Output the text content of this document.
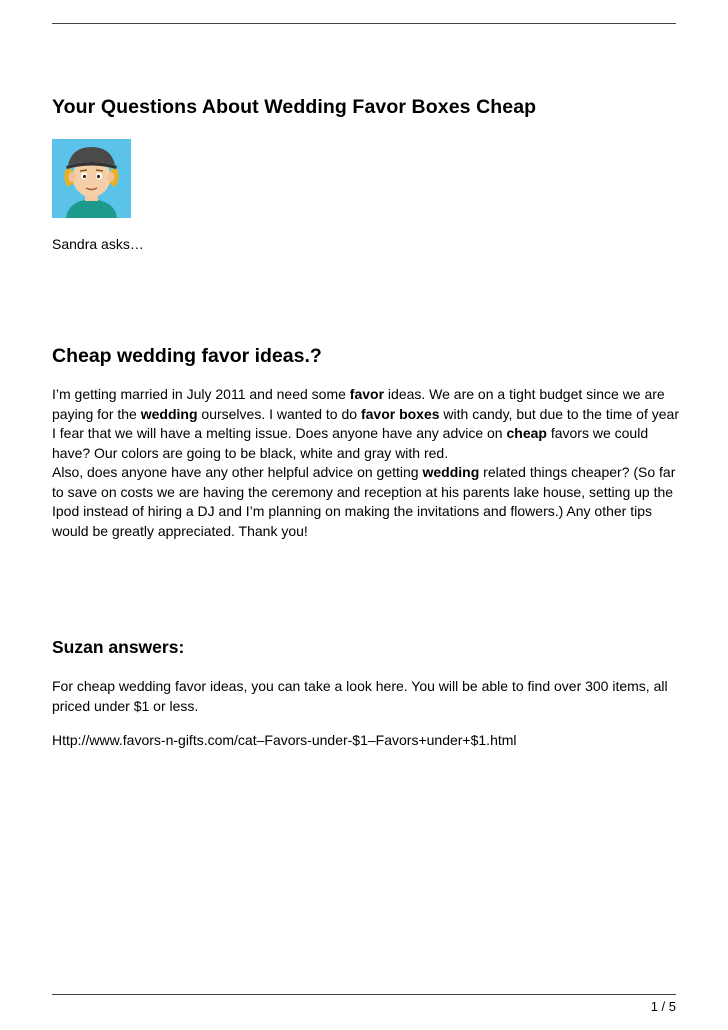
Your Questions About Wedding Favor Boxes Cheap
Sandra asks…
Cheap wedding favor ideas.?
I’m getting married in July 2011 and need some favor ideas. We are on a tight budget since we are paying for the wedding ourselves. I wanted to do favor boxes with candy, but due to the time of year I fear that we will have a melting issue. Does anyone have any advice on cheap favors we could have? Our colors are going to be black, white and gray with red.
Also, does anyone have any other helpful advice on getting wedding related things cheaper? (So far to save on costs we are having the ceremony and reception at his parents lake house, setting up the Ipod instead of hiring a DJ and I’m planning on making the invitations and flowers.) Any other tips would be greatly appreciated. Thank you!
Suzan answers:

For cheap wedding favor ideas, you can take a look here. You will be able to find over 300 items, all priced under $1 or less.

Http://www.favors-n-gifts.com/cat–Favors-under-$1–Favors+under+$1.html
1 / 5
